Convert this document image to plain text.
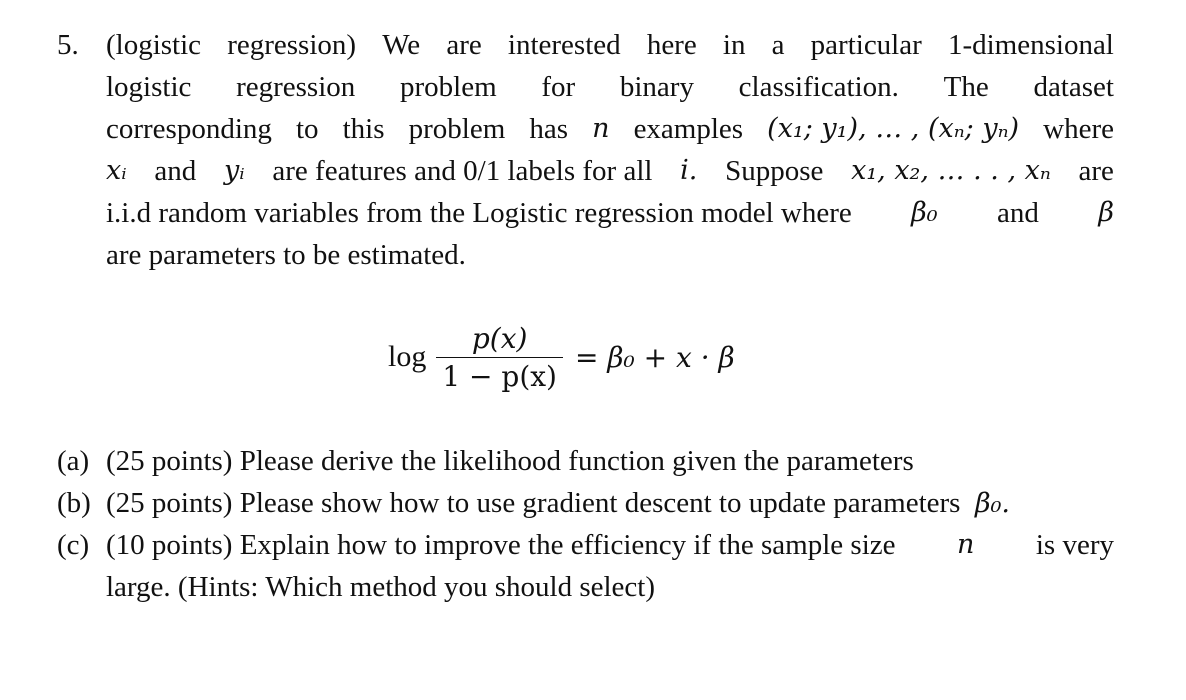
5. (logistic regression) We are interested here in a particular 1-dimensional
logistic regression problem for binary classification. The dataset
corresponding to this problem has n examples (x₁; y₁), … , (xₙ; yₙ) where
xᵢ and yᵢ are features and 0/1 labels for all i. Suppose x₁, x₂, … . . , xₙ are
i.i.d random variables from the Logistic regression model where β₀ and β
are parameters to be estimated.
$\log \frac{p(x)}{1 - p(x)} = \beta_0 + x \cdot \beta$
(a) (25 points) Please derive the likelihood function given the parameters
(b) (25 points) Please show how to use gradient descent to update parameters β₀.
(c) (10 points) Explain how to improve the efficiency if the sample size n is very
large. (Hints: Which method you should select)
